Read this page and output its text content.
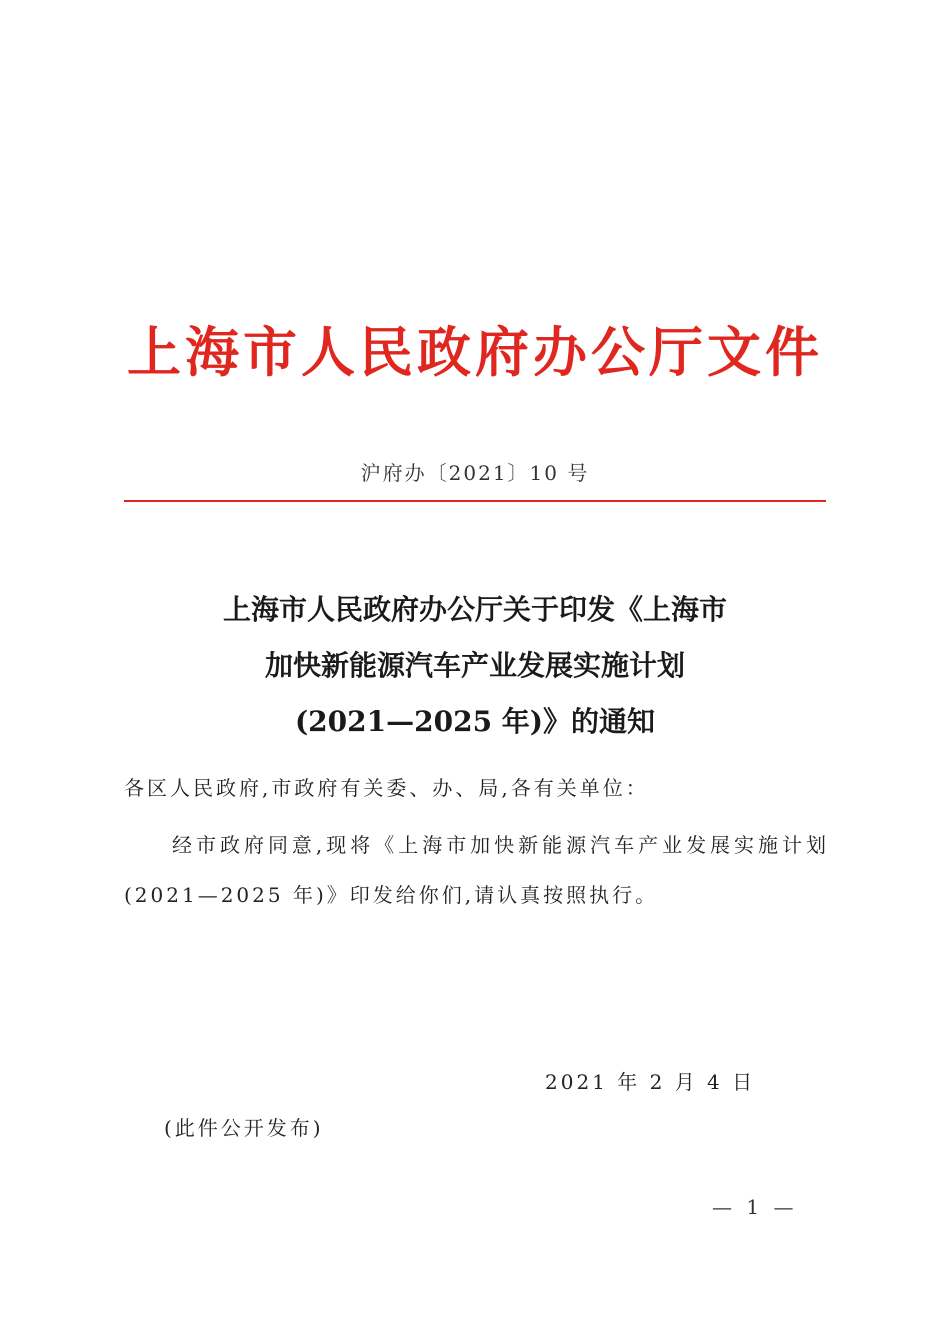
上海市人民政府办公厅文件
沪府办〔2021〕10 号
上海市人民政府办公厅关于印发《上海市
加快新能源汽车产业发展实施计划
(2021—2025 年)》的通知
各区人民政府,市政府有关委、办、局,各有关单位：
经市政府同意,现将《上海市加快新能源汽车产业发展实施计划(2021—2025 年)》印发给你们,请认真按照执行。
2021 年 2 月 4 日
(此件公开发布)
— 1 —
